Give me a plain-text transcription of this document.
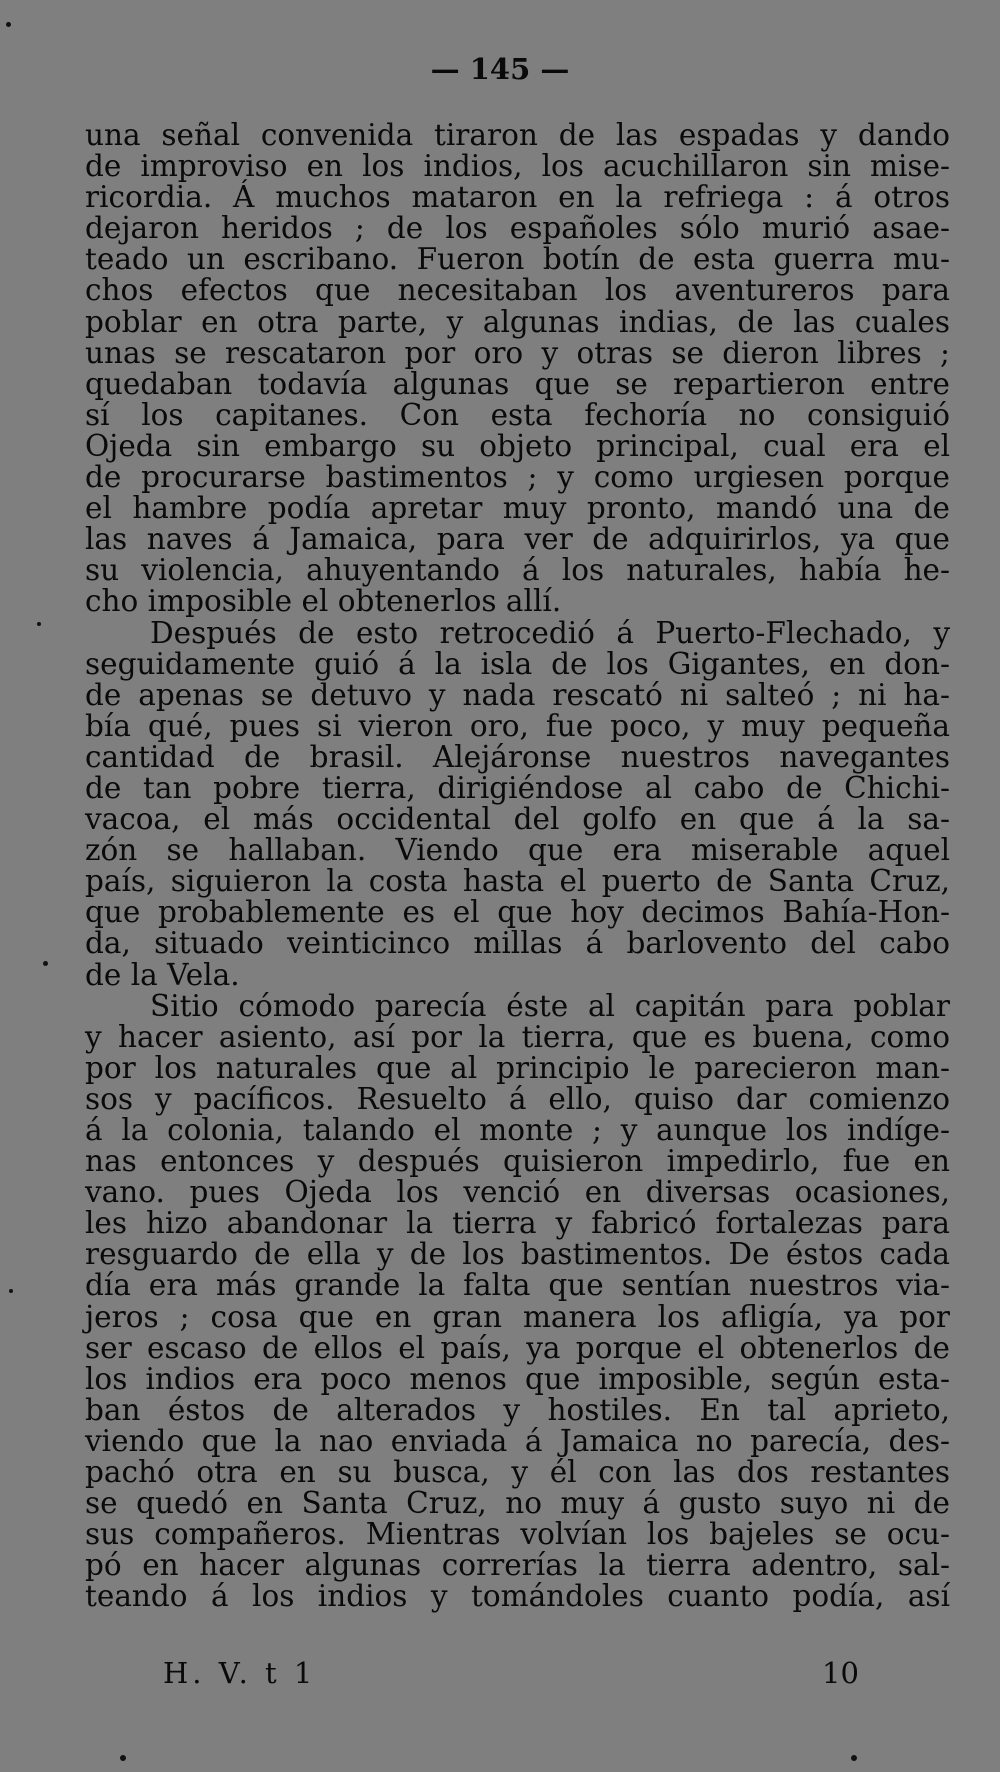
— 145 —
una señal convenida tiraron de las espadas y dando
de improviso en los indios, los acuchillaron sin mise-
ricordia. Á muchos mataron en la refriega : á otros
dejaron heridos ; de los españoles sólo murió asae-
teado un escribano. Fueron botín de esta guerra mu-
chos efectos que necesitaban los aventureros para
poblar en otra parte, y algunas indias, de las cuales
unas se rescataron por oro y otras se dieron libres ;
quedaban todavía algunas que se repartieron entre
sí los capitanes. Con esta fechoría no consiguió
Ojeda sin embargo su objeto principal, cual era el
de procurarse bastimentos ; y como urgiesen porque
el hambre podía apretar muy pronto, mandó una de
las naves á Jamaica, para ver de adquirirlos, ya que
su violencia, ahuyentando á los naturales, había he-
cho imposible el obtenerlos allí.
Después de esto retrocedió á Puerto-Flechado, y
seguidamente guió á la isla de los Gigantes, en don-
de apenas se detuvo y nada rescató ni salteó ; ni ha-
bía qué, pues si vieron oro, fue poco, y muy pequeña
cantidad de brasil. Alejáronse nuestros navegantes
de tan pobre tierra, dirigiéndose al cabo de Chichi-
vacoa, el más occidental del golfo en que á la sa-
zón se hallaban. Viendo que era miserable aquel
país, siguieron la costa hasta el puerto de Santa Cruz,
que probablemente es el que hoy decimos Bahía-Hon-
da, situado veinticinco millas á barlovento del cabo
de la Vela.
Sitio cómodo parecía éste al capitán para poblar
y hacer asiento, así por la tierra, que es buena, como
por los naturales que al principio le parecieron man-
sos y pacíficos. Resuelto á ello, quiso dar comienzo
á la colonia, talando el monte ; y aunque los indíge-
nas entonces y después quisieron impedirlo, fue en
vano. pues Ojeda los venció en diversas ocasiones,
les hizo abandonar la tierra y fabricó fortalezas para
resguardo de ella y de los bastimentos. De éstos cada
día era más grande la falta que sentían nuestros via-
jeros ; cosa que en gran manera los afligía, ya por
ser escaso de ellos el país, ya porque el obtenerlos de
los indios era poco menos que imposible, según esta-
ban éstos de alterados y hostiles. En tal aprieto,
viendo que la nao enviada á Jamaica no parecía, des-
pachó otra en su busca, y él con las dos restantes
se quedó en Santa Cruz, no muy á gusto suyo ni de
sus compañeros. Mientras volvían los bajeles se ocu-
pó en hacer algunas correrías la tierra adentro, sal-
teando á los indios y tomándoles cuanto podía, así
H. V. t 1	10
